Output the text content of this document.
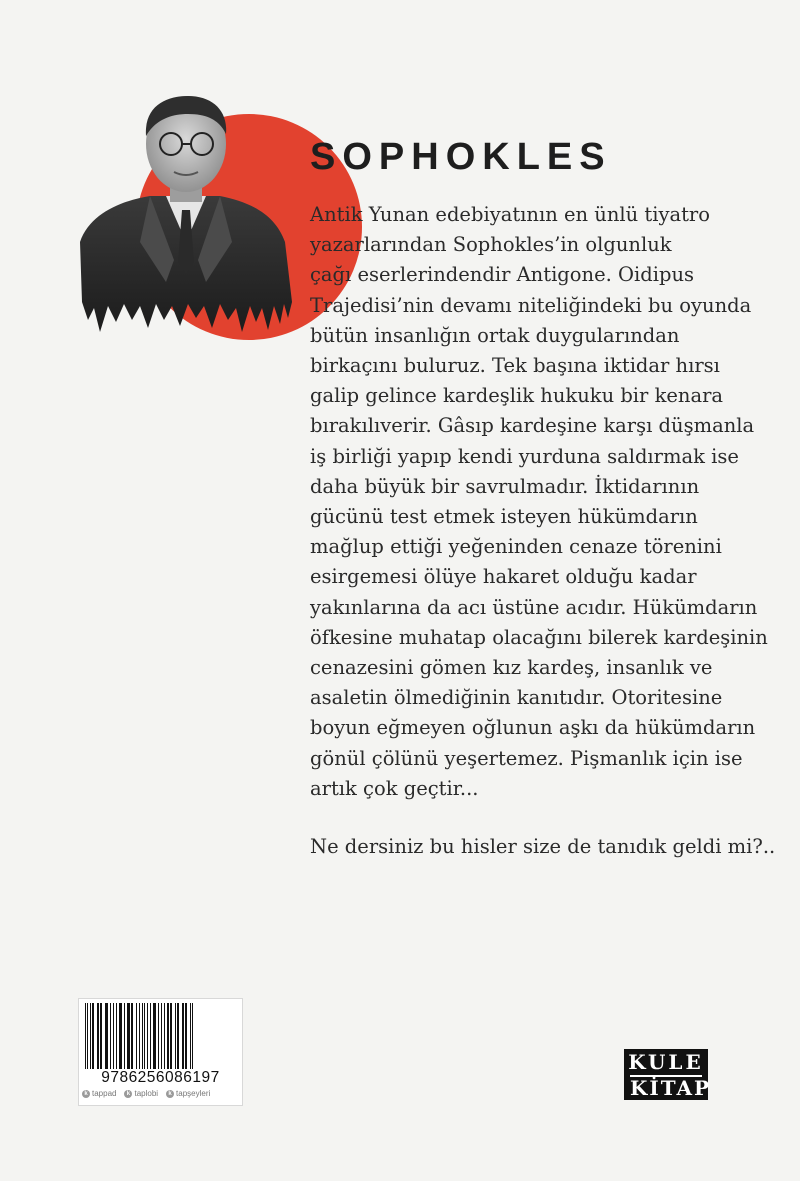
SOPHOKLES
Antik Yunan edebiyatının en ünlü tiyatro
yazarlarından Sophokles’in olgunluk
çağı eserlerindendir Antigone. Oidipus
Trajedisi’nin devamı niteliğindeki bu oyunda
bütün insanlığın ortak duygularından
birkaçını buluruz. Tek başına iktidar hırsı
galip gelince kardeşlik hukuku bir kenara
bırakılıverir. Gâsıp kardeşine karşı düşmanla
iş birliği yapıp kendi yurduna saldırmak ise
daha büyük bir savrulmadır. İktidarının
gücünü test etmek isteyen hükümdarın
mağlup ettiği yeğeninden cenaze törenini
esirgemesi ölüye hakaret olduğu kadar
yakınlarına da acı üstüne acıdır. Hükümdarın
öfkesine muhatap olacağını bilerek kardeşinin
cenazesini gömen kız kardeş, insanlık ve
asaletin ölmediğinin kanıtıdır. Otoritesine
boyun eğmeyen oğlunun aşkı da hükümdarın
gönül çölünü yeşertemez. Pişmanlık için ise
artık çok geçtir...

Ne dersiniz bu hisler size de tanıdık geldi mi?..

9786256086197
k tappad	k taplobi	k tapşeyleri
KULE
KİTAP
